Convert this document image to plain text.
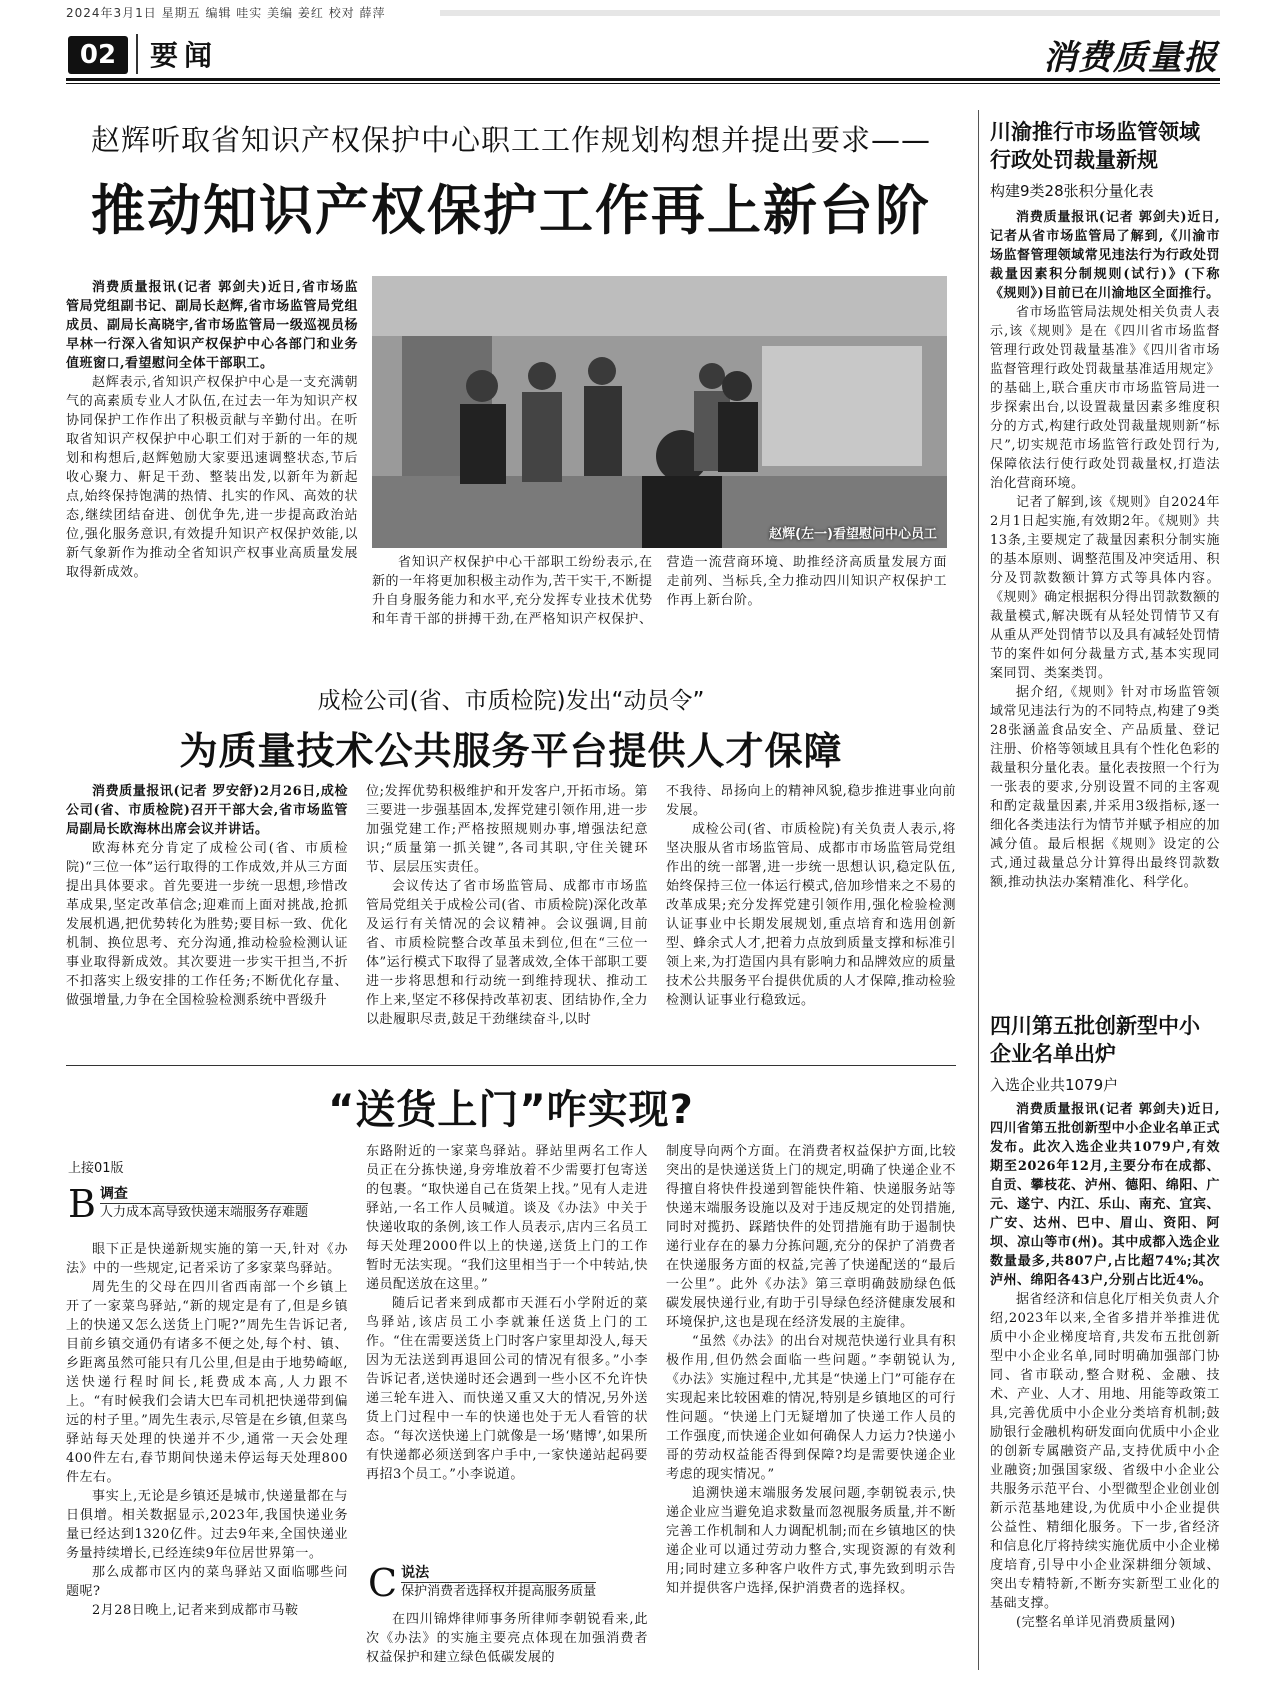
2024年3月1日 星期五 编辑 哇实 美编 姜红 校对 薛萍
02	要闻	消费质量报
赵辉听取省知识产权保护中心职工工作规划构想并提出要求——
推动知识产权保护工作再上新台阶

消费质量报讯(记者 郭剑夫)近日,省市场监管局党组副书记、副局长赵辉,省市场监管局党组成员、副局长高晓宇,省市场监管局一级巡视员杨早林一行深入省知识产权保护中心各部门和业务值班窗口,看望慰问全体干部职工。

赵辉表示,省知识产权保护中心是一支充满朝气的高素质专业人才队伍,在过去一年为知识产权协同保护工作作出了积极贡献与辛勤付出。在听取省知识产权保护中心职工们对于新的一年的规划和构想后,赵辉勉励大家要迅速调整状态,节后收心聚力、鼾足干劲、整装出发,以新年为新起点,始终保持饱满的热情、扎实的作风、高效的状态,继续团结奋进、创优争先,进一步提高政治站位,强化服务意识,有效提升知识产权保护效能,以新气象新作为推动全省知识产权事业高质量发展取得新成效。

赵辉(左一)看望慰问中心员工

省知识产权保护中心干部职工纷纷表示,在新的一年将更加积极主动作为,苦干实干,不断提升自身服务能力和水平,充分发挥专业技术优势和年青干部的拼搏干劲,在严格知识产权保护、营造一流营商环境、助推经济高质量发展方面走前列、当标兵,全力推动四川知识产权保护工作再上新台阶。

成检公司(省、市质检院)发出“动员令”
为质量技术公共服务平台提供人才保障

消费质量报讯(记者 罗安舒)2月26日,成检公司(省、市质检院)召开干部大会,省市场监管局副局长欧海林出席会议并讲话。

欧海林充分肯定了成检公司(省、市质检院)“三位一体”运行取得的工作成效,并从三方面提出具体要求。首先要进一步统一思想,珍惜改革成果,坚定改革信念;迎难而上面对挑战,抢抓发展机遇,把优势转化为胜势;要目标一致、优化机制、换位思考、充分沟通,推动检验检测认证事业取得新成效。其次要进一步实干担当,不折不扣落实上级安排的工作任务;不断优化存量、做强增量,力争在全国检验检测系统中晋级升

位;发挥优势积极维护和开发客户,开拓市场。第三要进一步强基固本,发挥党建引领作用,进一步加强党建工作;严格按照规则办事,增强法纪意识;“质量第一抓关键”,各司其职,守住关键环节、层层压实责任。

会议传达了省市场监管局、成都市市场监管局党组关于成检公司(省、市质检院)深化改革及运行有关情况的会议精神。会议强调,目前省、市质检院整合改革虽未到位,但在“三位一体”运行模式下取得了显著成效,全体干部职工要进一步将思想和行动统一到维持现状、推动工作上来,坚定不移保持改革初衷、团结协作,全力以赴履职尽责,鼓足干劲继续奋斗,以时

不我待、昂扬向上的精神风貌,稳步推进事业向前发展。

成检公司(省、市质检院)有关负责人表示,将坚决服从省市场监管局、成都市市场监管局党组作出的统一部署,进一步统一思想认识,稳定队伍,始终保持三位一体运行模式,倍加珍惜来之不易的改革成果;充分发挥党建引领作用,强化检验检测认证事业中长期发展规划,重点培育和选用创新型、蜂余式人才,把着力点放到质量支撑和标准引领上来,为打造国内具有影响力和品牌效应的质量技术公共服务平台提供优质的人才保障,推动检验检测认证事业行稳致远。

“送货上门”咋实现?
上接01版
B 调查
人力成本高导致快递末端服务存难题

眼下正是快递新规实施的第一天,针对《办法》中的一些规定,记者采访了多家菜鸟驿站。

周先生的父母在四川省西南部一个乡镇上开了一家菜鸟驿站,“新的规定是有了,但是乡镇上的快递又怎么送货上门呢?”周先生告诉记者,目前乡镇交通仍有诸多不便之处,每个村、镇、乡距离虽然可能只有几公里,但是由于地势崎岖,送快递行程时间长,耗费成本高,人力跟不上。“有时候我们会请大巴车司机把快递带到偏远的村子里。”周先生表示,尽管是在乡镇,但菜鸟驿站每天处理的快递并不少,通常一天会处理400件左右,春节期间快递未停运每天处理800件左右。

事实上,无论是乡镇还是城市,快递量都在与日俱增。相关数据显示,2023年,我国快递业务量已经达到1320亿件。过去9年来,全国快递业务量持续增长,已经连续9年位居世界第一。

那么成都市区内的菜鸟驿站又面临哪些问题呢?

2月28日晚上,记者来到成都市马鞍

东路附近的一家菜鸟驿站。驿站里两名工作人员正在分拣快递,身旁堆放着不少需要打包寄送的包裹。“取快递自己在货架上找。”见有人走进驿站,一名工作人员喊道。谈及《办法》中关于快递收取的条例,该工作人员表示,店内三名员工每天处理2000件以上的快递,送货上门的工作暂时无法实现。“我们这里相当于一个中转站,快递员配送放在这里。”

随后记者来到成都市天涯石小学附近的菜鸟驿站,该店员工小李就兼任送货上门的工作。“住在需要送货上门时客户家里却没人,每天因为无法送到再退回公司的情况有很多。”小李告诉记者,送快递时还会遇到一些小区不允许快递三轮车进入、而快递又重又大的情况,另外送货上门过程中一车的快递也处于无人看管的状态。“每次送快递上门就像是一场‘赌博’,如果所有快递都必须送到客户手中,一家快递站起码要再招3个员工。”小李说道。

C 说法
保护消费者选择权并提高服务质量

在四川锦烨律师事务所律师李朝锐看来,此次《办法》的实施主要亮点体现在加强消费者权益保护和建立绿色低碳发展的

制度导向两个方面。在消费者权益保护方面,比较突出的是快递送货上门的规定,明确了快递企业不得擅自将快件投递到智能快件箱、快递服务站等快递末端服务设施以及对于违反规定的处罚措施,同时对揽扔、踩踏快件的处罚措施有助于遏制快递行业存在的暴力分拣问题,充分的保护了消费者在快递服务方面的权益,完善了快递配送的“最后一公里”。此外《办法》第三章明确鼓励绿色低碳发展快递行业,有助于引导绿色经济健康发展和环境保护,这也是现在经济发展的主旋律。

“虽然《办法》的出台对规范快递行业具有积极作用,但仍然会面临一些问题。”李朝锐认为,《办法》实施过程中,尤其是“快递上门”可能存在实现起来比较困难的情况,特别是乡镇地区的可行性问题。“快递上门无疑增加了快递工作人员的工作强度,而快递企业如何确保人力运力?快递小哥的劳动权益能否得到保障?均是需要快递企业考虑的现实情况。”

追溯快递末端服务发展问题,李朝锐表示,快递企业应当避免追求数量而忽视服务质量,并不断完善工作机制和人力调配机制;而在乡镇地区的快递企业可以通过劳动力整合,实现资源的有效利用;同时建立多种客户收件方式,事先致到明示告知并提供客户选择,保护消费者的选择权。

川渝推行市场监管领域行政处罚裁量新规
构建9类28张积分量化表

消费质量报讯(记者 郭剑夫)近日,记者从省市场监管局了解到,《川渝市场监督管理领域常见违法行为行政处罚裁量因素积分制规则(试行)》(下称《规则》)目前已在川渝地区全面推行。

省市场监管局法规处相关负责人表示,该《规则》是在《四川省市场监督管理行政处罚裁量基准》《四川省市场监督管理行政处罚裁量基准适用规定》的基础上,联合重庆市市场监管局进一步探索出台,以设置裁量因素多维度积分的方式,构建行政处罚裁量规则新“标尺”,切实规范市场监管行政处罚行为,保障依法行使行政处罚裁量权,打造法治化营商环境。

记者了解到,该《规则》自2024年2月1日起实施,有效期2年。《规则》共13条,主要规定了裁量因素积分制实施的基本原则、调整范围及冲突适用、积分及罚款数额计算方式等具体内容。《规则》确定根据积分得出罚款数额的裁量模式,解决既有从轻处罚情节又有从重从严处罚情节以及具有减轻处罚情节的案件如何分裁量方式,基本实现同案同罚、类案类罚。

据介绍,《规则》针对市场监管领域常见违法行为的不同特点,构建了9类28张涵盖食品安全、产品质量、登记注册、价格等领域且具有个性化色彩的裁量积分量化表。量化表按照一个行为一张表的要求,分别设置不同的主客观和酌定裁量因素,并采用3级指标,逐一细化各类违法行为情节并赋予相应的加减分值。最后根据《规则》设定的公式,通过裁量总分计算得出最终罚款数额,推动执法办案精准化、科学化。

四川第五批创新型中小企业名单出炉
入选企业共1079户

消费质量报讯(记者 郭剑夫)近日,四川省第五批创新型中小企业名单正式发布。此次入选企业共1079户,有效期至2026年12月,主要分布在成都、自贡、攀枝花、泸州、德阳、绵阳、广元、遂宁、内江、乐山、南充、宜宾、广安、达州、巴中、眉山、资阳、阿坝、凉山等市(州)。其中成都入选企业数量最多,共807户,占比超74%;其次泸州、绵阳各43户,分别占比近4%。

据省经济和信息化厅相关负责人介绍,2023年以来,全省多措并举推进优质中小企业梯度培育,共发布五批创新型中小企业名单,同时明确加强部门协同、省市联动,整合财税、金融、技术、产业、人才、用地、用能等政策工具,完善优质中小企业分类培育机制;鼓励银行金融机构研发面向优质中小企业的创新专属融资产品,支持优质中小企业融资;加强国家级、省级中小企业公共服务示范平台、小型微型企业创业创新示范基地建设,为优质中小企业提供公益性、精细化服务。下一步,省经济和信息化厅将持续实施优质中小企业梯度培育,引导中小企业深耕细分领域、突出专精特新,不断夯实新型工业化的基础支撑。

(完整名单详见消费质量网)
